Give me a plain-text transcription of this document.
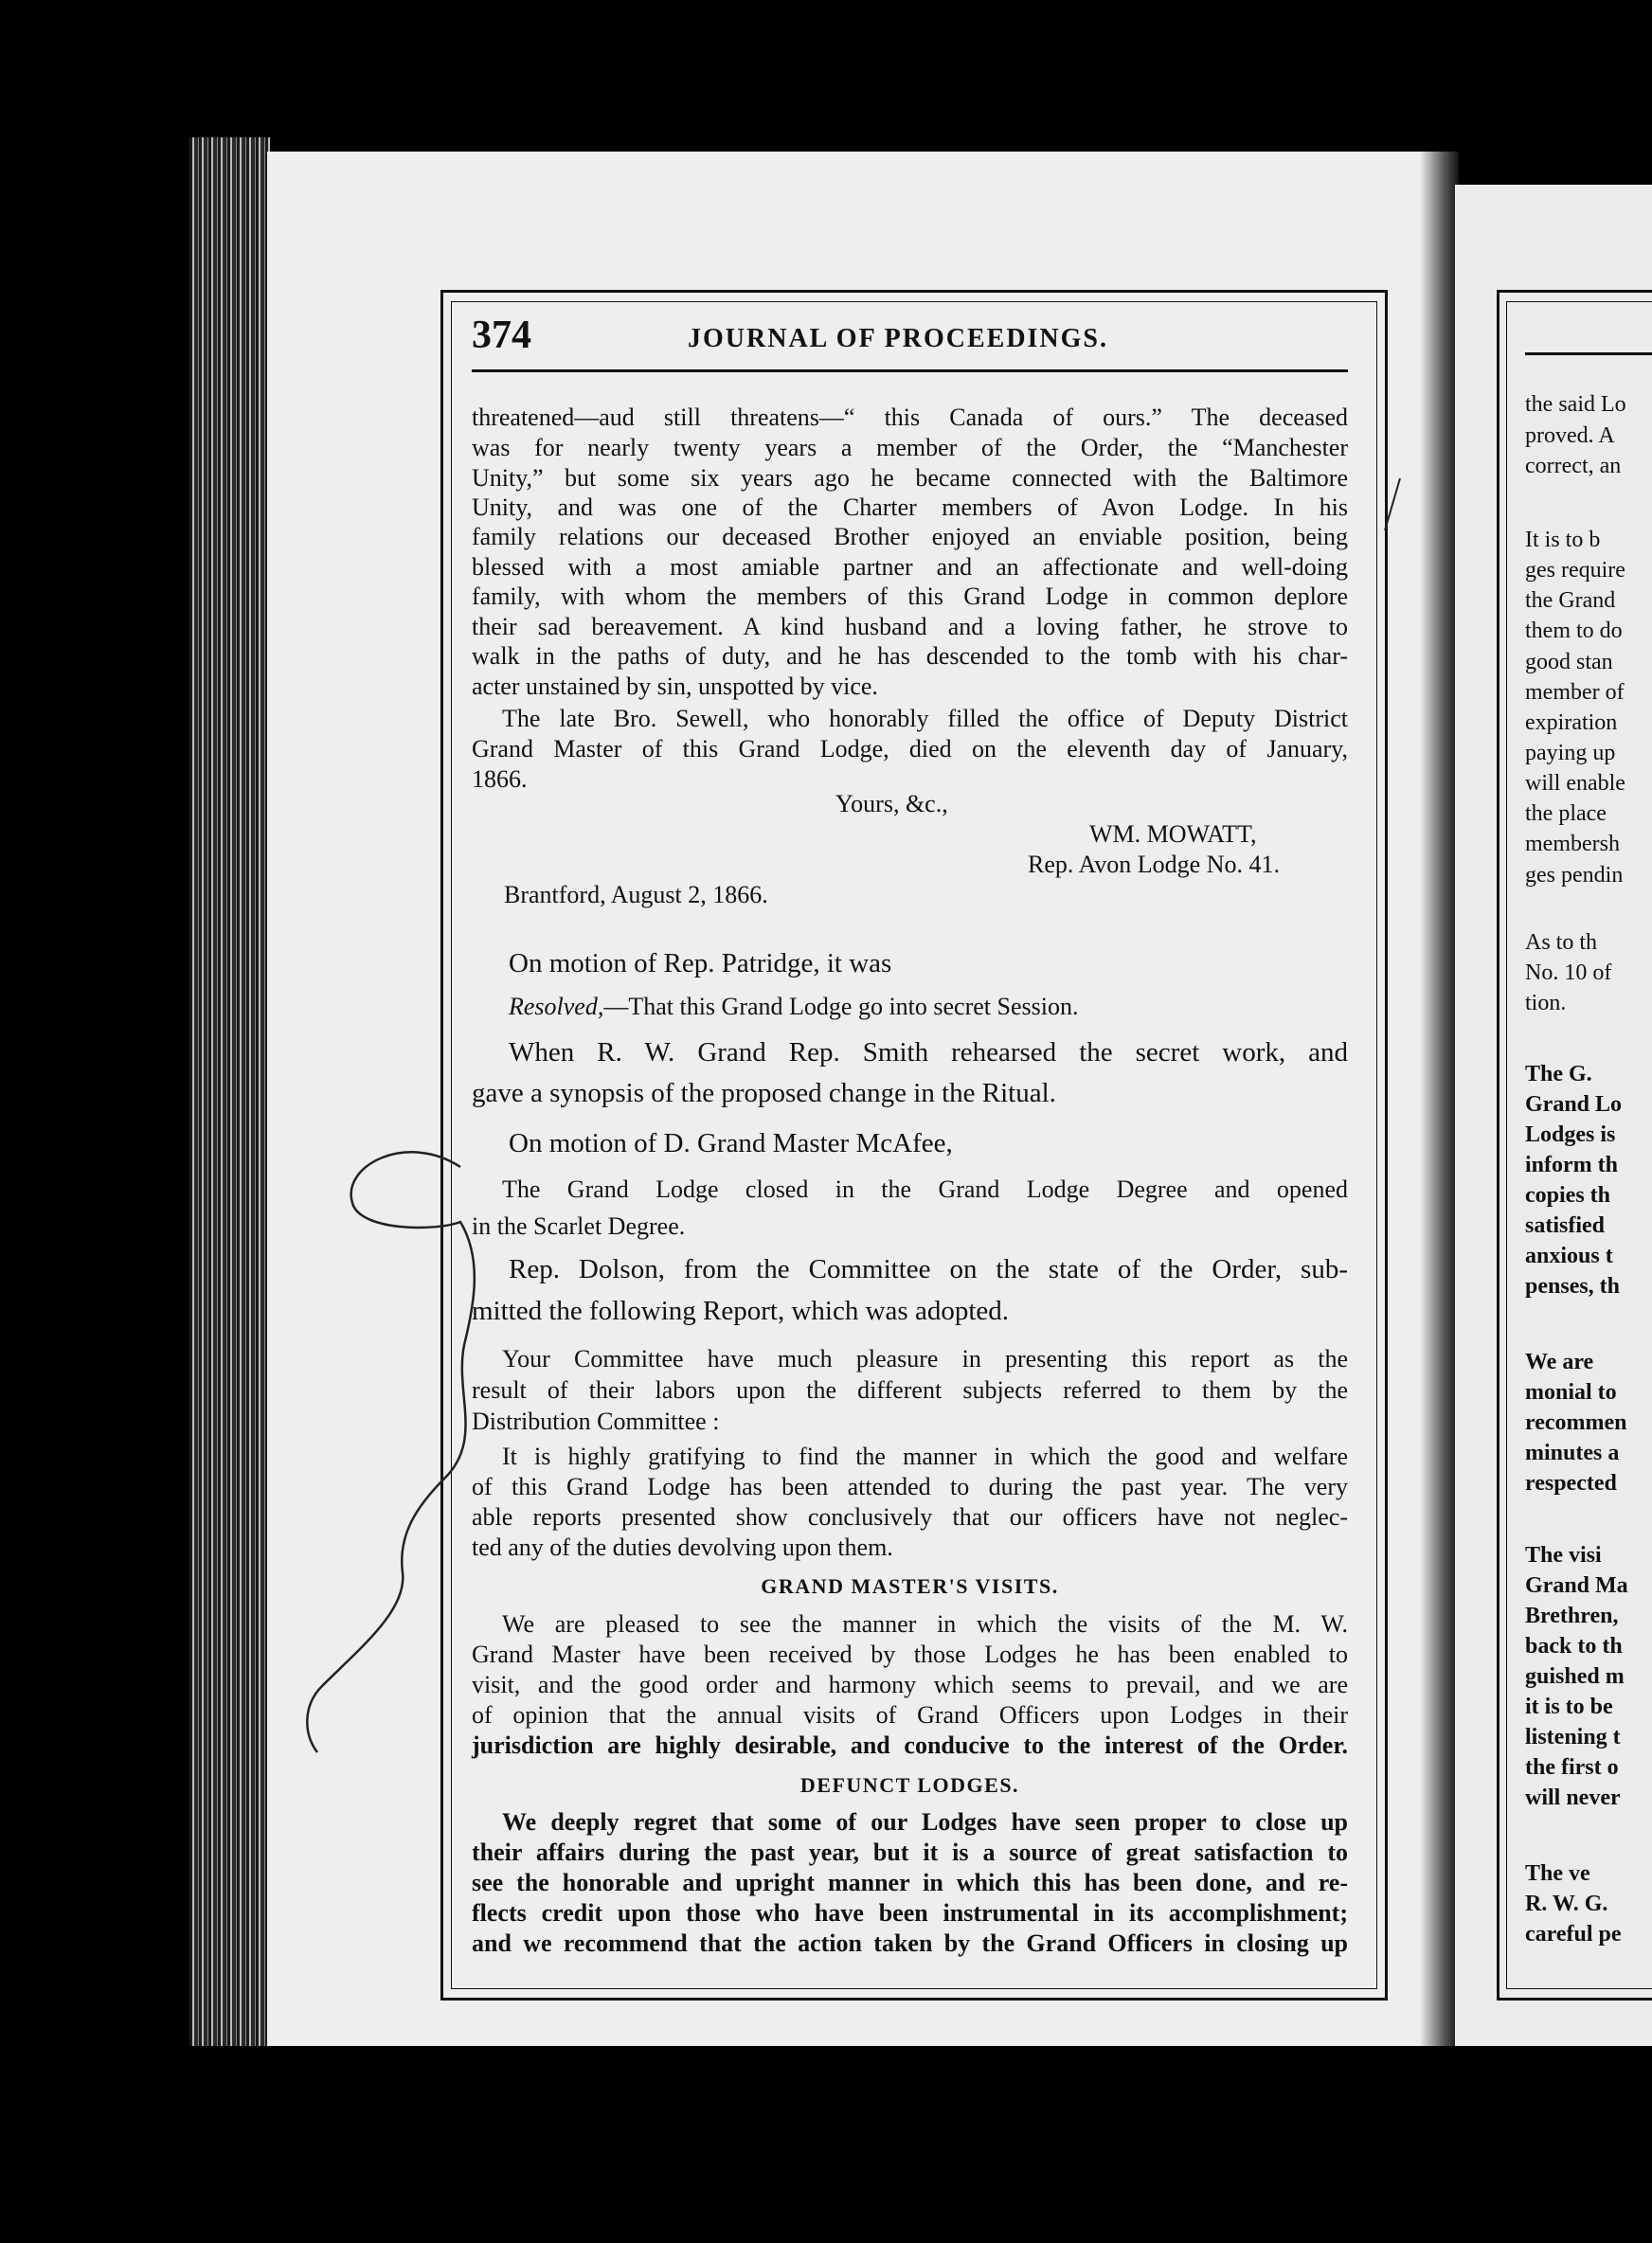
374	JOURNAL OF PROCEEDINGS.
threatened—aud still threatens—“ this Canada of ours.” The deceased
was for nearly twenty years a member of the Order, the “Manchester
Unity,” but some six years ago he became connected with the Baltimore
Unity, and was one of the Charter members of Avon Lodge. In his
family relations our deceased Brother enjoyed an enviable position, being
blessed with a most amiable partner and an affectionate and well-doing
family, with whom the members of this Grand Lodge in common deplore
their sad bereavement. A kind husband and a loving father, he strove to
walk in the paths of duty, and he has descended to the tomb with his char-
acter unstained by sin, unspotted by vice.
The late Bro. Sewell, who honorably filled the office of Deputy District
Grand Master of this Grand Lodge, died on the eleventh day of January,
1866.
Yours, &c.,
WM. MOWATT,
Rep. Avon Lodge No. 41.
Brantford, August 2, 1866.
On motion of Rep. Patridge, it was
Resolved,—That this Grand Lodge go into secret Session.
When R. W. Grand Rep. Smith rehearsed the secret work, and
gave a synopsis of the proposed change in the Ritual.
On motion of D. Grand Master McAfee,
The Grand Lodge closed in the Grand Lodge Degree and opened
in the Scarlet Degree.
Rep. Dolson, from the Committee on the state of the Order, sub-
mitted the following Report, which was adopted.
Your Committee have much pleasure in presenting this report as the
result of their labors upon the different subjects referred to them by the
Distribution Committee :
It is highly gratifying to find the manner in which the good and welfare
of this Grand Lodge has been attended to during the past year. The very
able reports presented show conclusively that our officers have not neglec-
ted any of the duties devolving upon them.
GRAND MASTER'S VISITS.
We are pleased to see the manner in which the visits of the M. W.
Grand Master have been received by those Lodges he has been enabled to
visit, and the good order and harmony which seems to prevail, and we are
of opinion that the annual visits of Grand Officers upon Lodges in their
jurisdiction are highly desirable, and conducive to the interest of the Order.
DEFUNCT LODGES.
We deeply regret that some of our Lodges have seen proper to close up
their affairs during the past year, but it is a source of great satisfaction to
see the honorable and upright manner in which this has been done, and re-
flects credit upon those who have been instrumental in its accomplishment;
and we recommend that the action taken by the Grand Officers in closing up
the said Lo
proved. A
correct, an
It is to b
ges require
the Grand
them to do
good stan
member of
expiration
paying up
will enable
the place
membersh
ges pendin
As to th
No. 10 of
tion.
The G.
Grand Lo
Lodges is
inform th
copies th
satisfied
anxious t
penses, th
We are
monial to
recommen
minutes a
respected
The visi
Grand Ma
Brethren,
back to th
guished m
it is to be
listening t
the first o
will never
The ve
R. W. G.
careful pe
